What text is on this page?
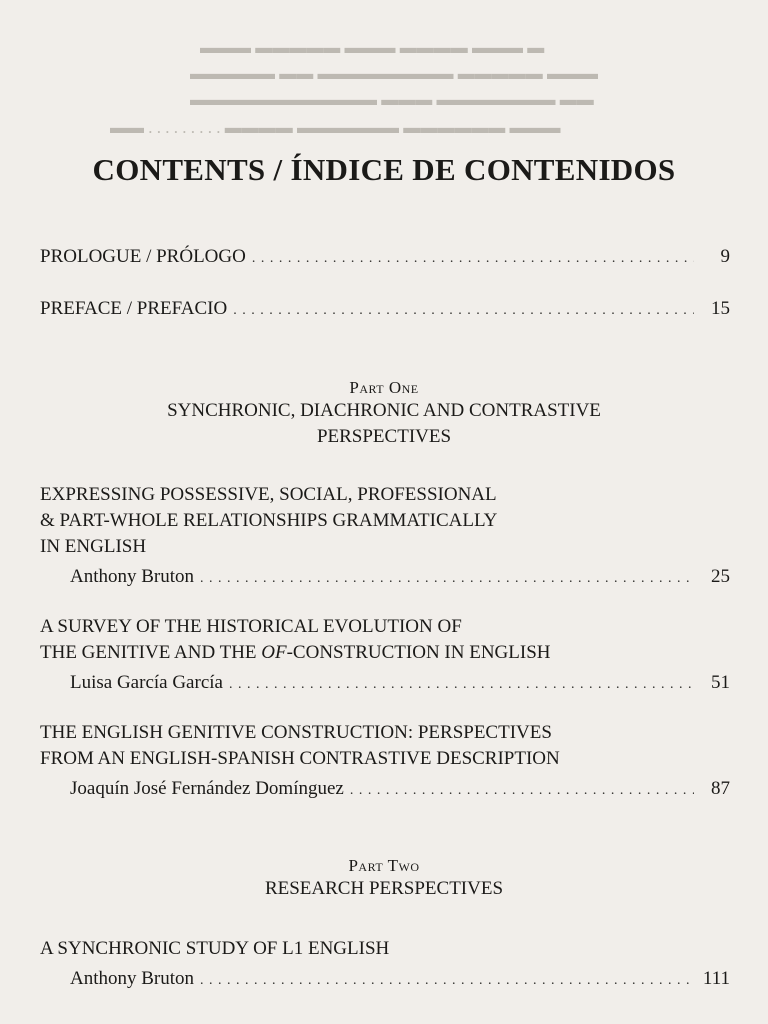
▬ ▬▬▬ ▬▬▬▬ ▬▬▬ ▬▬▬▬▬ ▬▬▬
▬▬▬ ▬▬▬▬▬ ▬▬▬▬▬▬▬▬ ▬▬ ▬▬▬▬▬
▬▬ ▬▬▬▬▬▬▬ ▬▬▬ ▬▬▬▬▬▬▬▬▬▬▬
▬▬▬ ▬▬▬▬▬▬ ▬▬▬▬▬▬ ▬▬▬▬ . . . . . . . . . ▬▬
CONTENTS / ÍNDICE DE CONTENIDOS
PROLOGUE / PRÓLOGO . . .	9
PREFACE / PREFACIO . . .	15
Part One
SYNCHRONIC, DIACHRONIC AND CONTRASTIVE
PERSPECTIVES
EXPRESSING POSSESSIVE, SOCIAL, PROFESSIONAL
& PART-WHOLE RELATIONSHIPS GRAMMATICALLY
IN ENGLISH
Anthony Bruton . . .	25
A SURVEY OF THE HISTORICAL EVOLUTION OF
THE GENITIVE AND THE OF-CONSTRUCTION IN ENGLISH
Luisa García García . . .	51
THE ENGLISH GENITIVE CONSTRUCTION: PERSPECTIVES
FROM AN ENGLISH-SPANISH CONTRASTIVE DESCRIPTION
Joaquín José Fernández Domínguez . . .	87
Part Two
RESEARCH PERSPECTIVES
A SYNCHRONIC STUDY OF L1 ENGLISH
Anthony Bruton . . .	111
